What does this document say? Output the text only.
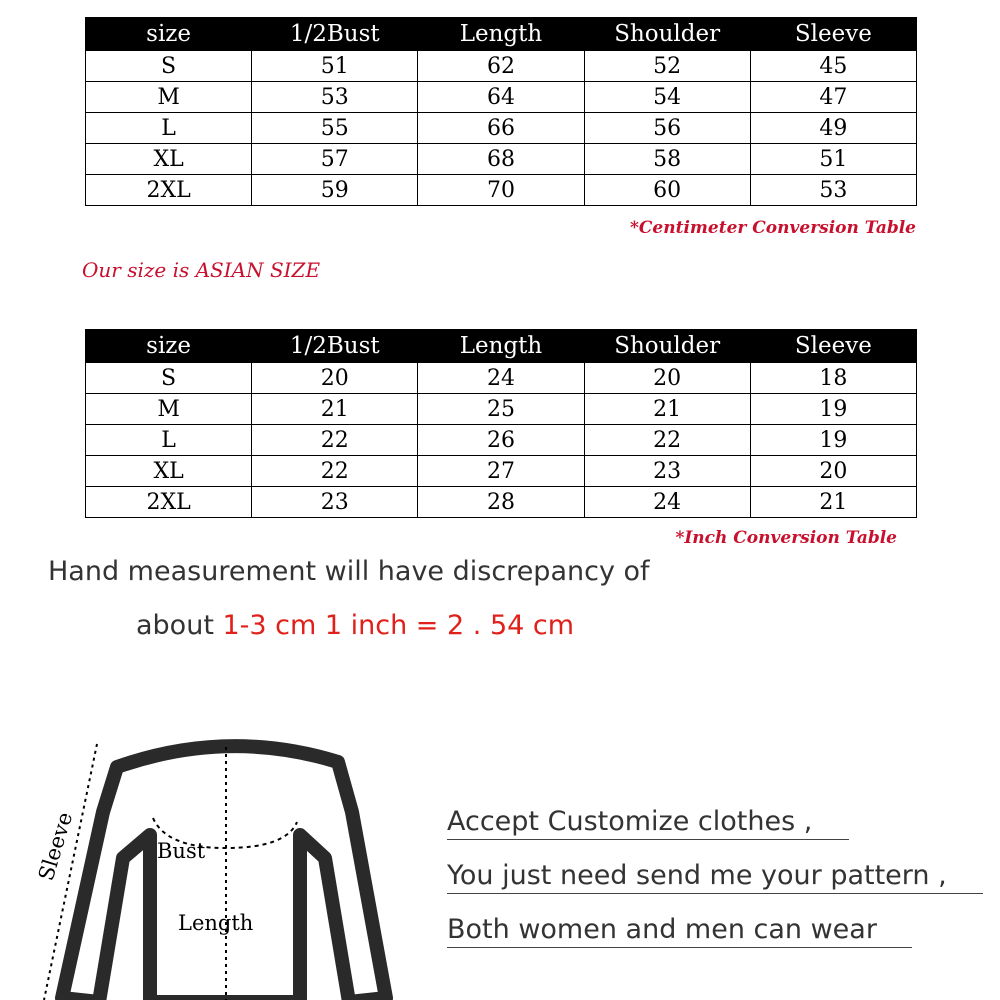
size	1/2Bust	Length	Shoulder	Sleeve
S	51	62	52	45
M	53	64	54	47
L	55	66	56	49
XL	57	68	58	51
2XL	59	70	60	53
*Centimeter Conversion Table
Our size is ASIAN SIZE
size	1/2Bust	Length	Shoulder	Sleeve
S	20	24	20	18
M	21	25	21	19
L	22	26	22	19
XL	22	27	23	20
2XL	23	28	24	21
*Inch Conversion Table
Hand measurement will have discrepancy of
about 1-3 cm 1 inch = 2 . 54 cm
Sleeve	Bust
Length
Accept Customize clothes ,
You just need send me your pattern ,
Both women and men can wear
